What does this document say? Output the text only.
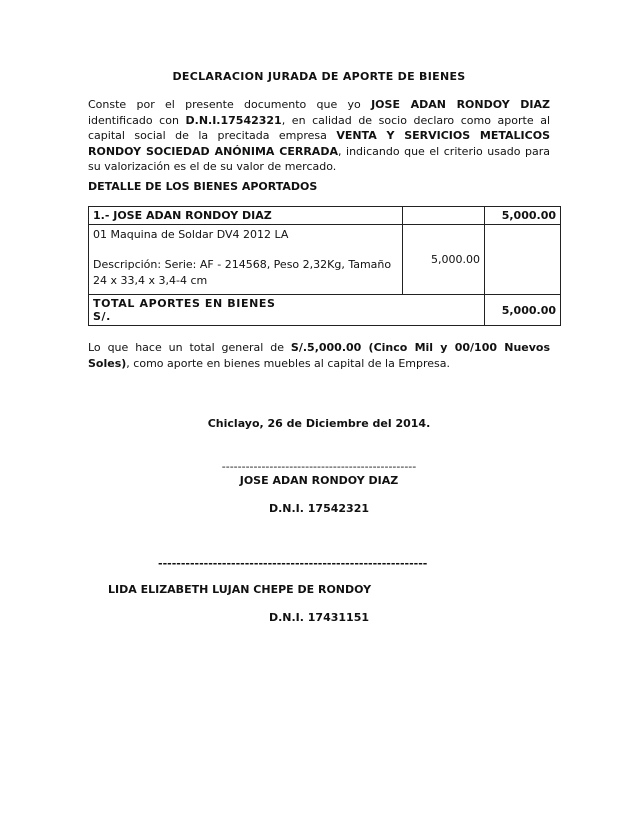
DECLARACION JURADA DE APORTE DE BIENES
Conste por el presente documento que yo JOSE ADAN RONDOY DIAZ identificado con D.N.I.17542321, en calidad de socio declaro como aporte al capital social de la precitada empresa VENTA Y SERVICIOS METALICOS RONDOY SOCIEDAD ANÓNIMA CERRADA, indicando que el criterio usado para su valorización es el de su valor de mercado.
DETALLE DE LOS BIENES APORTADOS
1.- JOSE ADAN RONDOY DIAZ		5,000.00

01 Maquina de Soldar DV4 2012 LA
Descripción: Serie: AF - 214568, Peso 2,32Kg, Tamaño 24 x 33,4 x 3,4-4 cm	5,000.00	

TOTAL APORTES EN BIENES
S/.		5,000.00
Lo que hace un total general de S/.5,000.00 (Cinco Mil y 00/100 Nuevos Soles), como aporte en bienes muebles al capital de la Empresa.
Chiclayo, 26 de Diciembre del 2014.
-------------------------------------------------
JOSE ADAN RONDOY DIAZ
D.N.I. 17542321
-----------------------------------------------------------
LIDA ELIZABETH LUJAN CHEPE DE RONDOY
D.N.I. 17431151
